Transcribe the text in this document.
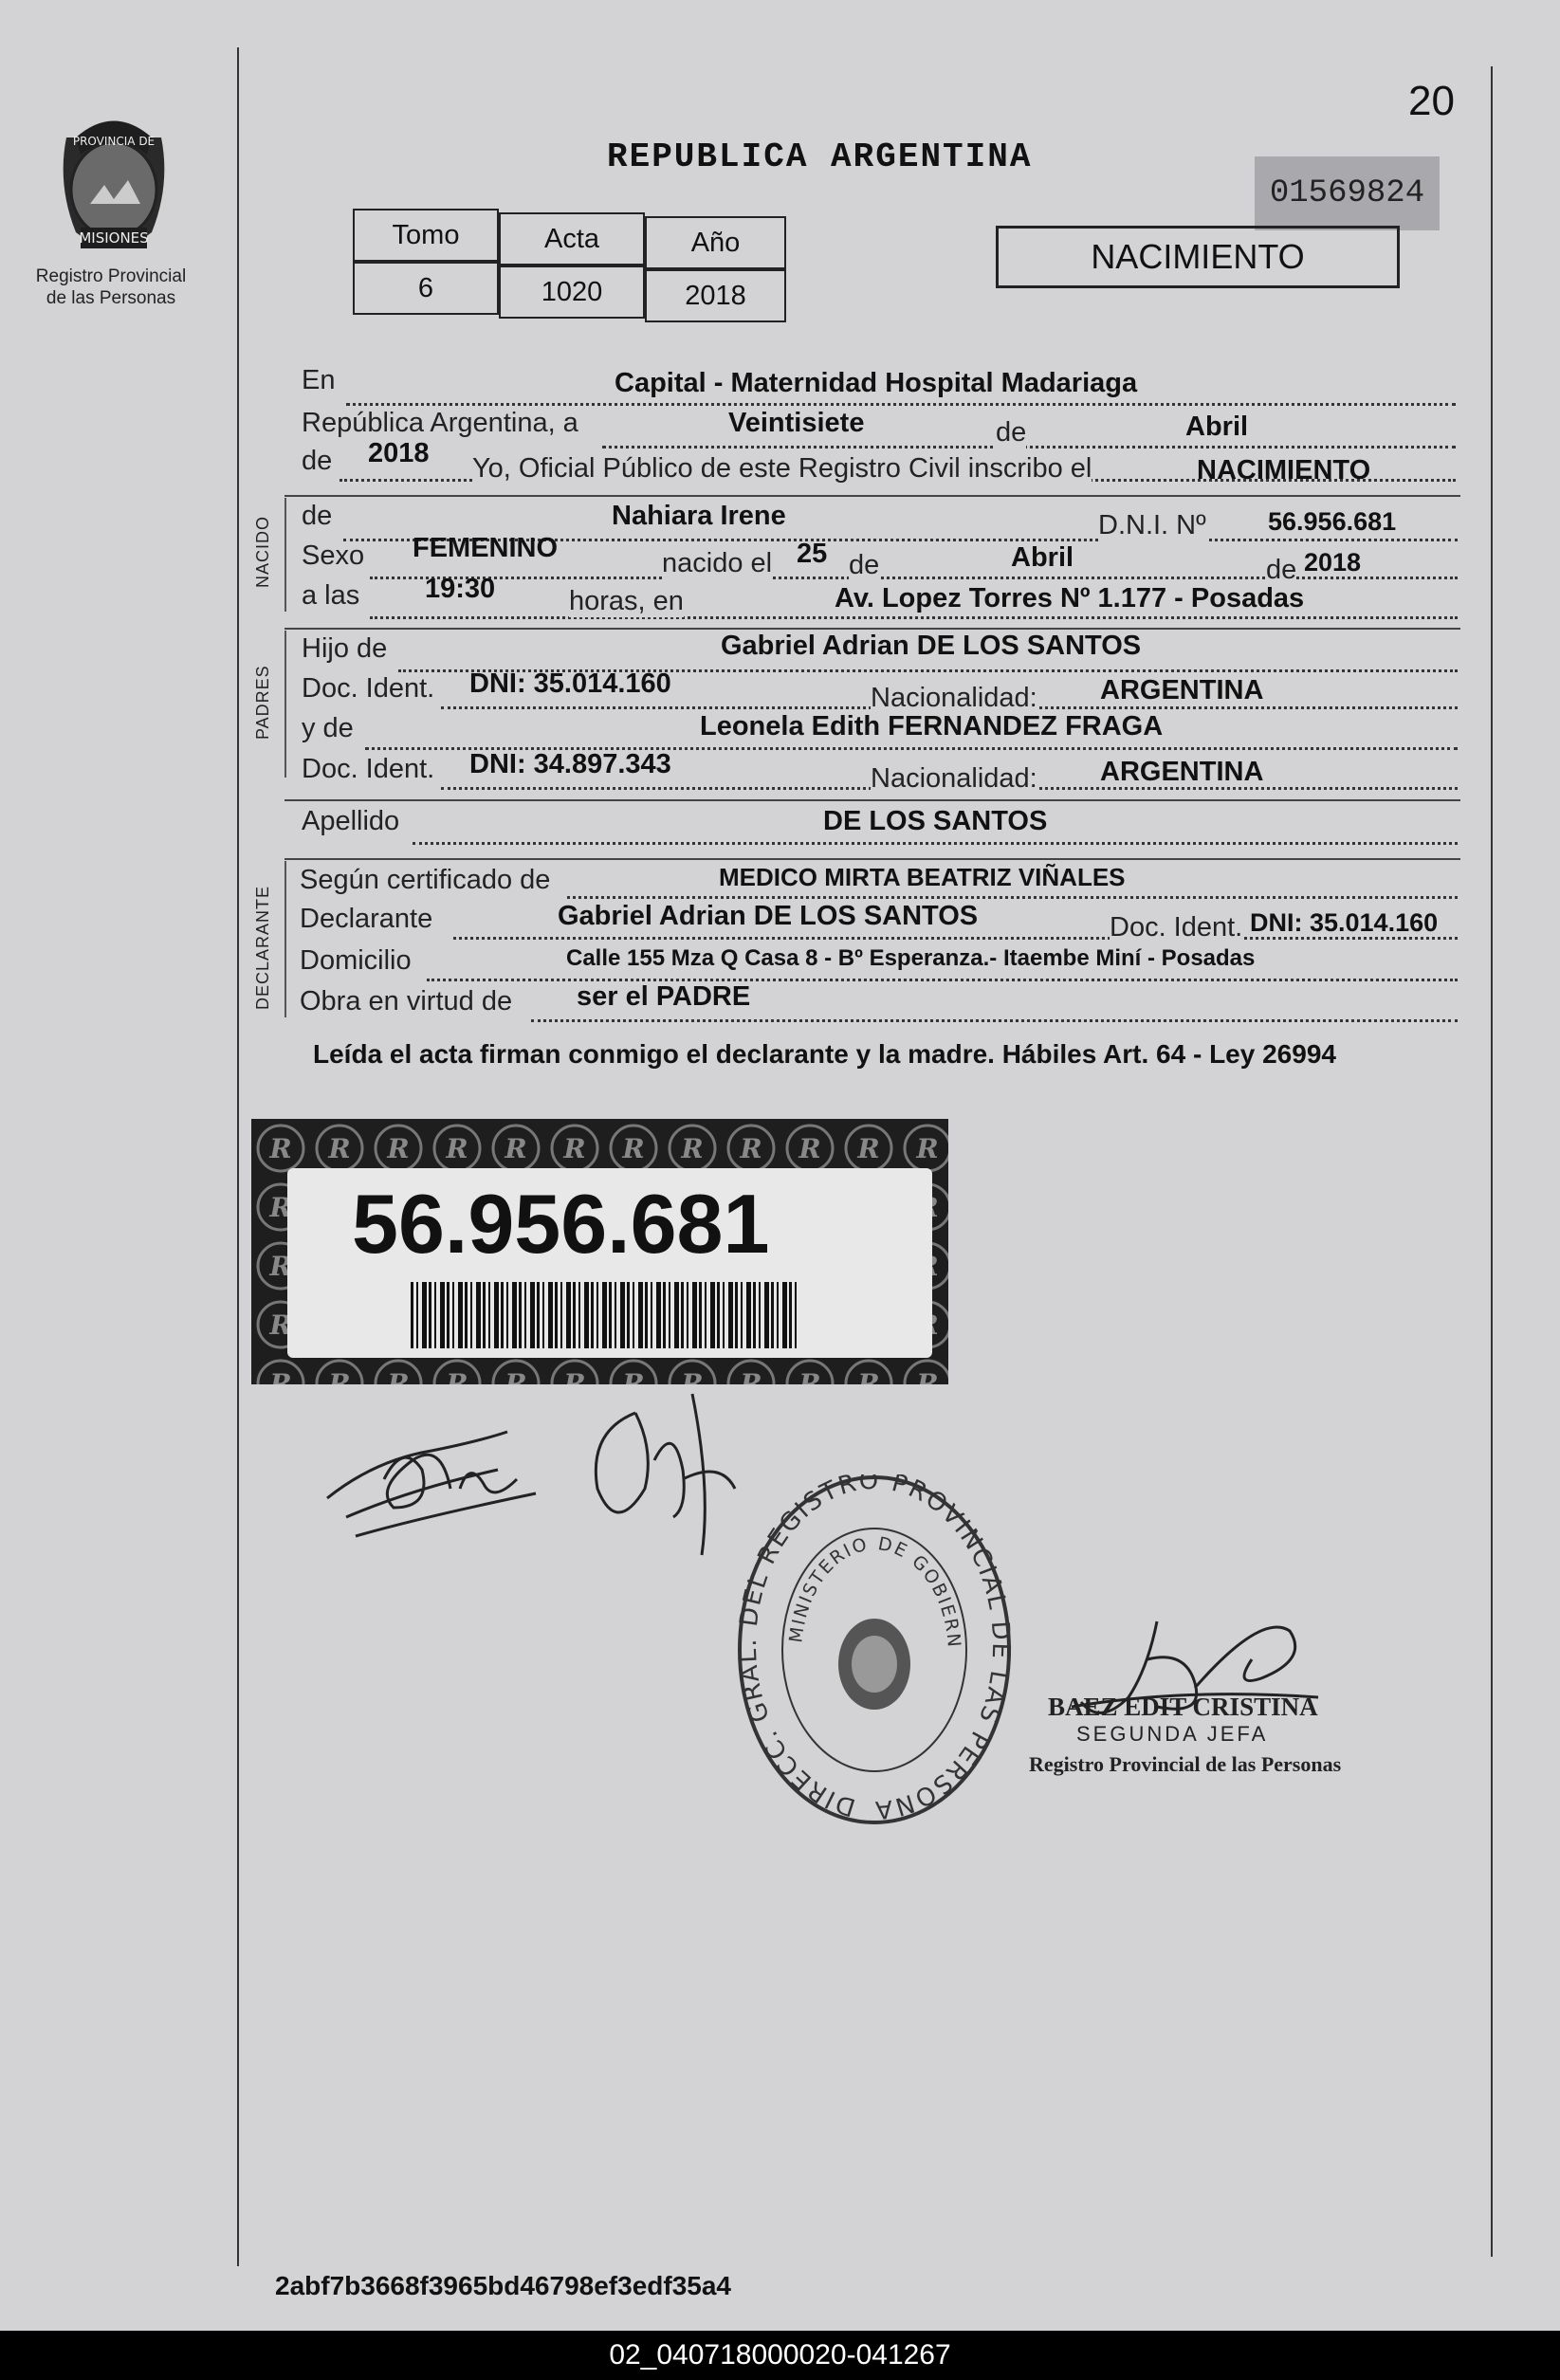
20
PROVINCIA DE
MISIONES
Registro Provincial
de las Personas
REPUBLICA ARGENTINA
01569824
Tomo	Acta	Año
6	1020	2018
NACIMIENTO
En	Capital - Maternidad Hospital Madariaga
República Argentina, a	Veintisiete	de	Abril
de 2018 Yo, Oficial Público de este Registro Civil inscribo el	NACIMIENTO
NACIDO de	Nahiara Irene	D.N.I. Nº 56.956.681
Sexo FEMENINO	nacido el 25 de	Abril	de 2018
a las 19:30	horas, en	Av. Lopez Torres Nº 1.177 - Posadas
PADRES
Hijo de	Gabriel Adrian DE LOS SANTOS
Doc. Ident. DNI: 35.014.160	Nacionalidad: ARGENTINA
y de	Leonela Edith FERNANDEZ FRAGA
Doc. Ident. DNI: 34.897.343	Nacionalidad: ARGENTINA
Apellido	DE LOS SANTOS
DECLARANTE
Según certificado de	MEDICO MIRTA BEATRIZ VIÑALES
Declarante	Gabriel Adrian DE LOS SANTOS	Doc. Ident. DNI: 35.014.160
Domicilio	Calle 155 Mza Q Casa 8 - Bº Esperanza.- Itaembe Miní - Posadas
Obra en virtud de ser el PADRE
Leída el acta firman conmigo el declarante y la madre. Hábiles Art. 64 - Ley 26994
56.956.681
DIRECC. GRAL. DEL REGISTRO PROVINCIAL DE LAS PERSONA
MINISTERIO DE GOBIERN
BAEZ EDIT CRISTINA
SEGUNDA JEFA
Registro Provincial de las Personas
2abf7b3668f3965bd46798ef3edf35a4
02_040718000020-041267
